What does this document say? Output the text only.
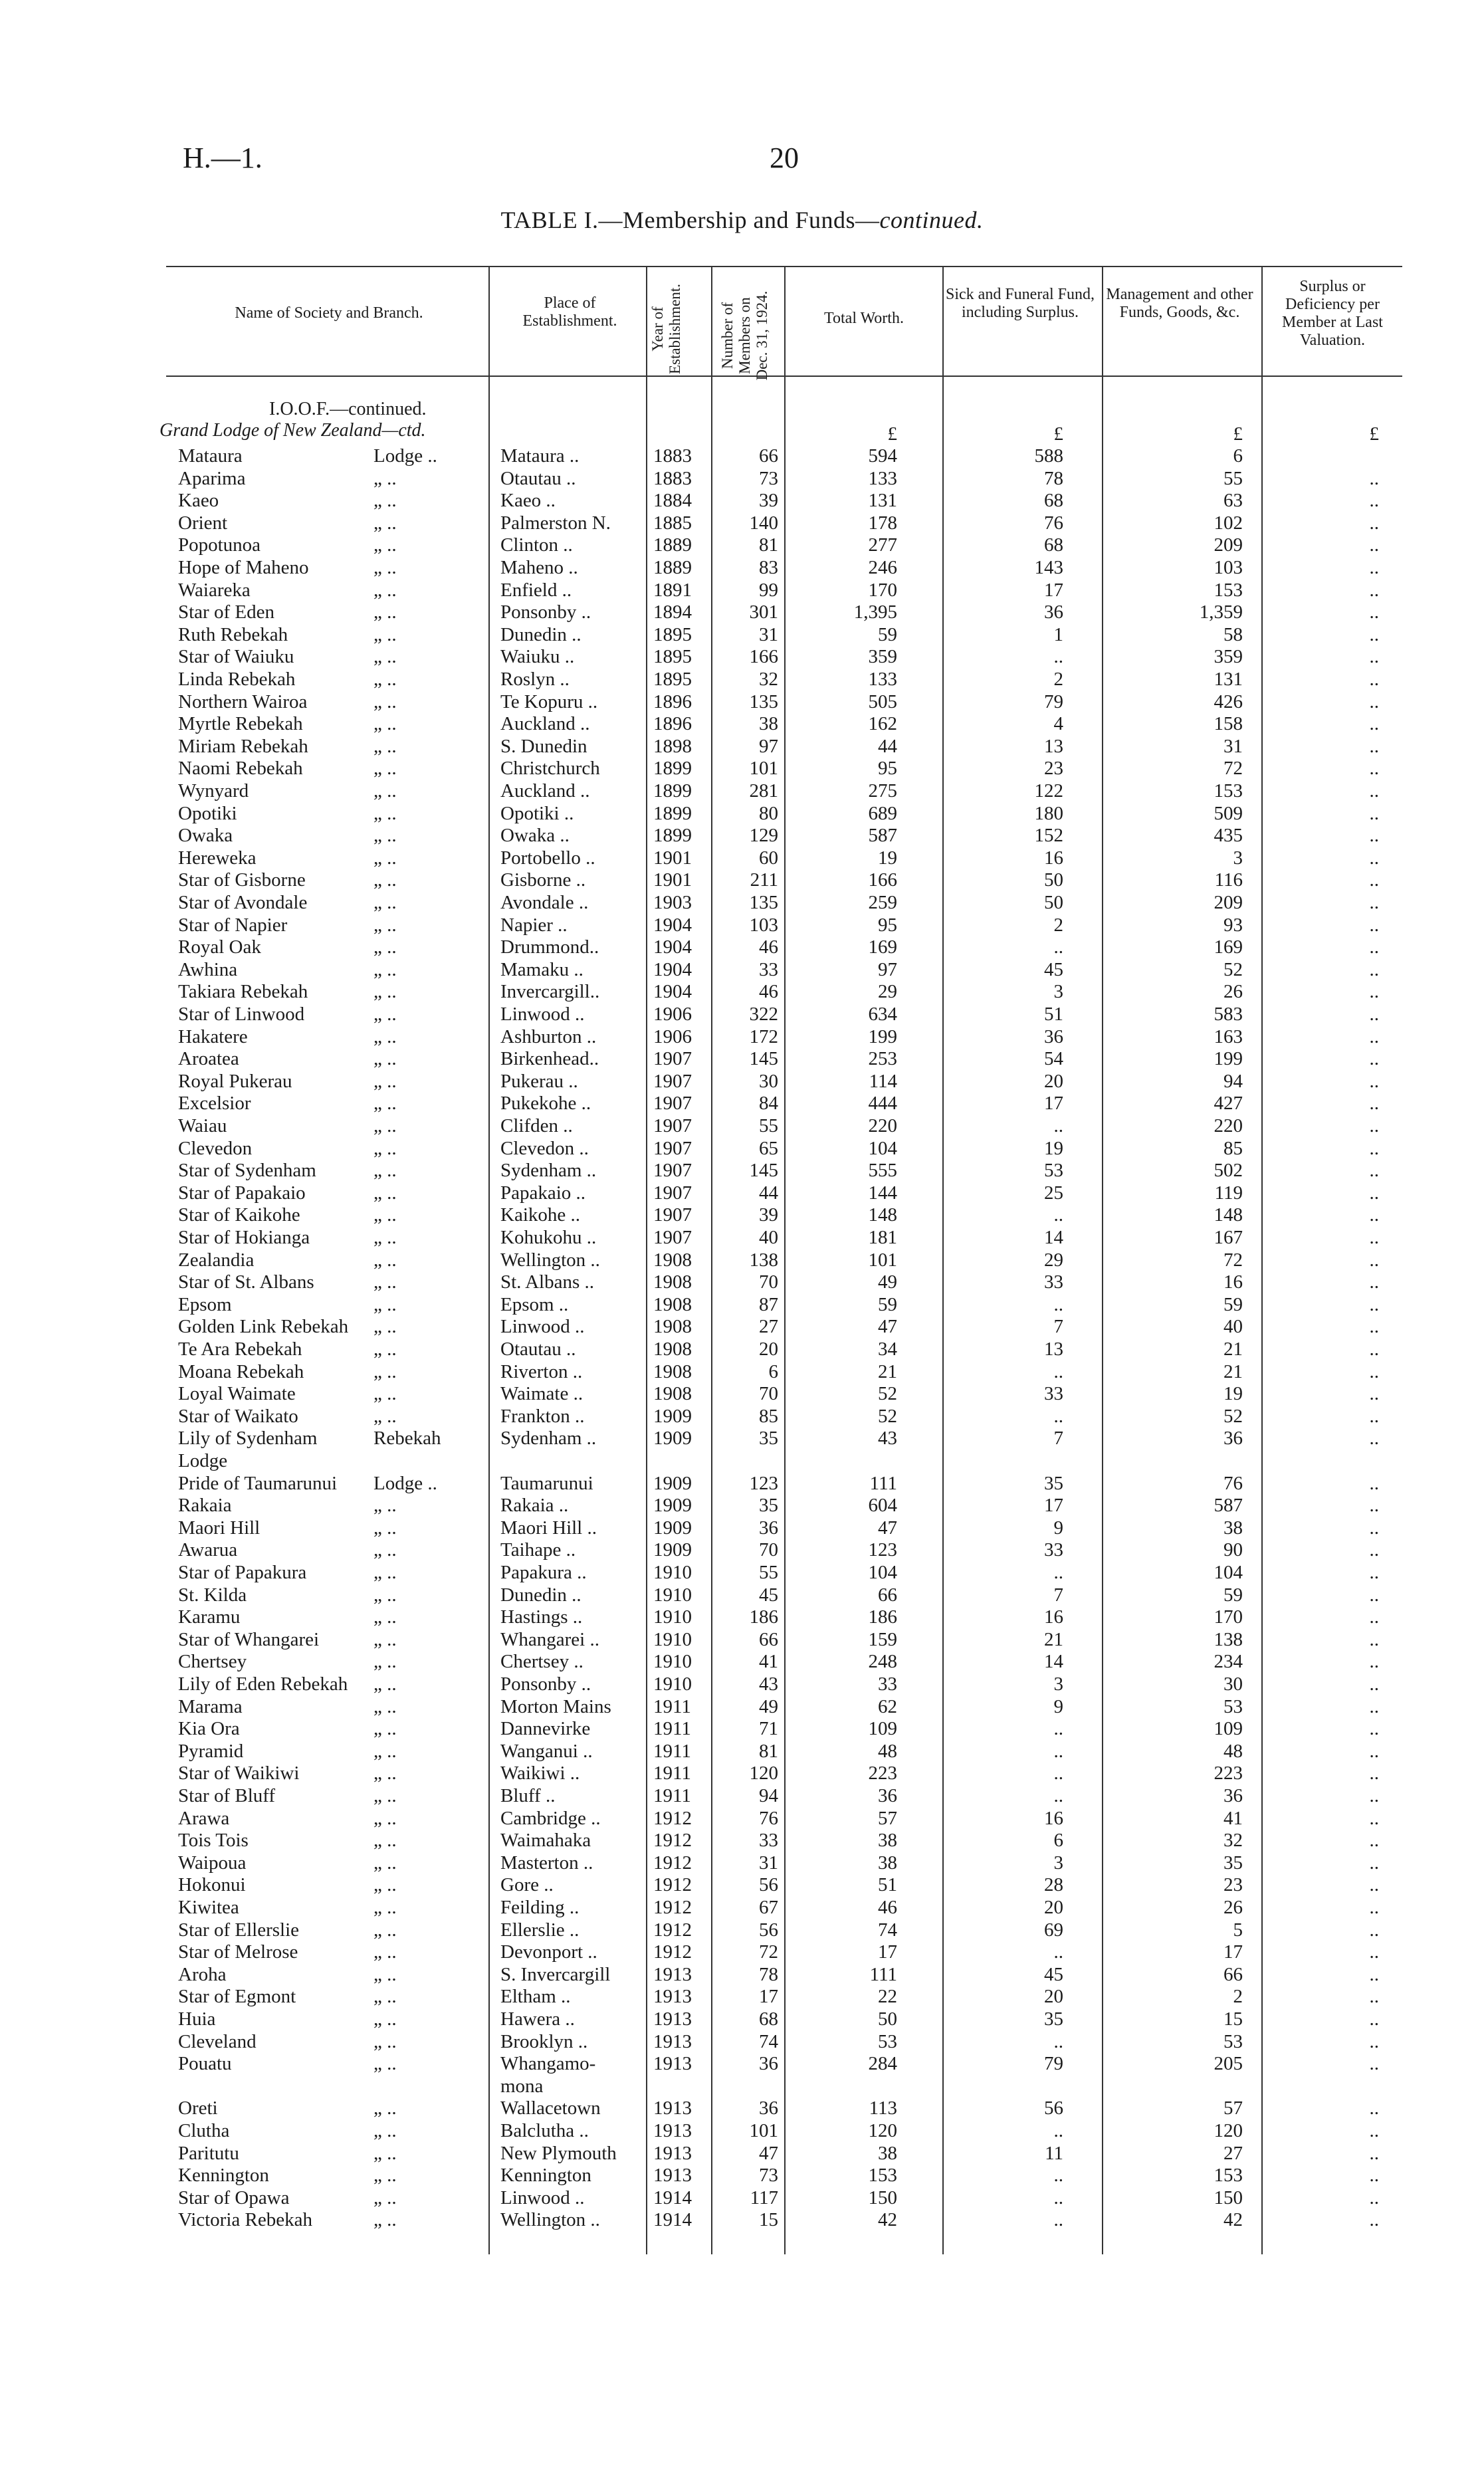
H.—1.	20
TABLE I.—Membership and Funds—continued.
Name of Society and Branch.
Place of Establishment.	Year of Establishment.	Number of Members on Dec. 31, 1924.	Total Worth.
Sick and Funeral Fund, including Surplus.
Management and other Funds, Goods, &c.
Surplus or Deficiency per Member at Last Valuation.
I.O.O.F.—continued.
Grand Lodge of New Zealand—ctd.	£	£	£	£
Mataura	Lodge ..	Mataura ..	1883	66	594	588	6
Aparima	„ ..	Otautau ..	1883	73	133	78	55	..
Kaeo	„ ..	Kaeo ..	1884	39	131	68	63	..
Orient	„ ..	Palmerston N. 1885	140	178	76	102	..
Popotunoa	„ ..	Clinton ..	1889	81	277	68	209	..
Hope of Maheno	„ ..	Maheno ..	1889	83	246	143	103	..
Waiareka	„ ..	Enfield ..	1891	99	170	17	153	..
Star of Eden	„ ..	Ponsonby ..	1894	301	1,395	36	1,359	..
Ruth Rebekah	„ ..	Dunedin ..	1895	31	59	1	58	..
Star of Waiuku	„ ..	Waiuku ..	1895	166	359	..	359	..
Linda Rebekah	„ ..	Roslyn ..	1895	32	133	2	131	..
Northern Wairoa	„ ..	Te Kopuru ..	1896	135	505	79	426	..
Myrtle Rebekah	„ ..	Auckland ..	1896	38	162	4	158	..
Miriam Rebekah	„ ..	S. Dunedin	1898	97	44	13	31	..
Naomi Rebekah	„ ..	Christchurch	1899	101	95	23	72	..
Wynyard	„ ..	Auckland ..	1899	281	275	122	153	..
Opotiki	„ ..	Opotiki ..	1899	80	689	180	509	..
Owaka	„ ..	Owaka ..	1899	129	587	152	435	..
Hereweka	„ ..	Portobello ..	1901	60	19	16	3	..
Star of Gisborne	„ ..	Gisborne ..	1901	211	166	50	116	..
Star of Avondale	„ ..	Avondale ..	1903	135	259	50	209	..
Star of Napier	„ ..	Napier ..	1904	103	95	2	93	..
Royal Oak	„ ..	Drummond..	1904	46	169	..	169	..
Awhina	„ ..	Mamaku ..	1904	33	97	45	52	..
Takiara Rebekah	„ ..	Invercargill..	1904	46	29	3	26	..
Star of Linwood	„ ..	Linwood ..	1906	322	634	51	583	..
Hakatere	„ ..	Ashburton ..	1906	172	199	36	163	..
Aroatea	„ ..	Birkenhead..	1907	145	253	54	199	..
Royal Pukerau	„ ..	Pukerau ..	1907	30	114	20	94	..
Excelsior	„ ..	Pukekohe ..	1907	84	444	17	427	..
Waiau	„ ..	Clifden ..	1907	55	220	..	220	..
Clevedon	„ ..	Clevedon ..	1907	65	104	19	85	..
Star of Sydenham	„ ..	Sydenham ..	1907	145	555	53	502	..
Star of Papakaio	„ ..	Papakaio ..	1907	44	144	25	119	..
Star of Kaikohe	„ ..	Kaikohe ..	1907	39	148	..	148	..
Star of Hokianga	„ ..	Kohukohu ..	1907	40	181	14	167	..
Zealandia	„ ..	Wellington ..	1908	138	101	29	72	..
Star of St. Albans	„ ..	St. Albans ..	1908	70	49	33	16	..
Epsom	„ ..	Epsom ..	1908	87	59	..	59	..
Golden Link Rebekah „ ..	Linwood ..	1908	27	47	7	40	..
Te Ara Rebekah	„ ..	Otautau ..	1908	20	34	13	21	..
Moana Rebekah	„ ..	Riverton ..	1908	6	21	..	21	..
Loyal Waimate	„ ..	Waimate ..	1908	70	52	33	19	..
Star of Waikato	„ ..	Frankton ..	1909	85	52	..	52	..
Lily of Sydenham	Rebekah	Sydenham ..	1909	35	43	7	36	..
Lodge
Pride of Taumarunui Lodge ..	Taumarunui	1909	123	111	35	76	..
Rakaia	„ ..	Rakaia ..	1909	35	604	17	587	..
Maori Hill	„ ..	Maori Hill ..	1909	36	47	9	38	..
Awarua	„ ..	Taihape ..	1909	70	123	33	90	..
Star of Papakura	„ ..	Papakura ..	1910	55	104	..	104	..
St. Kilda	„ ..	Dunedin ..	1910	45	66	7	59	..
Karamu	„ ..	Hastings ..	1910	186	186	16	170	..
Star of Whangarei	„ ..	Whangarei ..	1910	66	159	21	138	..
Chertsey	„ ..	Chertsey ..	1910	41	248	14	234	..
Lily of Eden Rebekah „ ..	Ponsonby ..	1910	43	33	3	30	..
Marama	„ ..	Morton Mains 1911	49	62	9	53	..
Kia Ora	„ ..	Dannevirke	1911	71	109	..	109	..
Pyramid	„ ..	Wanganui ..	1911	81	48	..	48	..
Star of Waikiwi	„ ..	Waikiwi ..	1911	120	223	..	223	..
Star of Bluff	„ ..	Bluff ..	1911	94	36	..	36	..
Arawa	„ ..	Cambridge ..	1912	76	57	16	41	..
Tois Tois	„ ..	Waimahaka	1912	33	38	6	32	..
Waipoua	„ ..	Masterton ..	1912	31	38	3	35	..
Hokonui	„ ..	Gore ..	1912	56	51	28	23	..
Kiwitea	„ ..	Feilding ..	1912	67	46	20	26	..
Star of Ellerslie	„ ..	Ellerslie ..	1912	56	74	69	5	..
Star of Melrose	„ ..	Devonport ..	1912	72	17	..	17	..
Aroha	„ ..	S. Invercargill 1913	78	111	45	66	..
Star of Egmont	„ ..	Eltham ..	1913	17	22	20	2	..
Huia	„ ..	Hawera ..	1913	68	50	35	15	..
Cleveland	„ ..	Brooklyn ..	1913	74	53	..	53	..
Pouatu	„ ..	Whangamo-	1913	36	284	79	205	..
mona
Oreti	„ ..	Wallacetown	1913	36	113	56	57	..
Clutha	„ ..	Balclutha ..	1913	101	120	..	120	..
Paritutu	„ ..	New Plymouth 1913	47	38	11	27	..
Kennington	„ ..	Kennington	1913	73	153	..	153	..
Star of Opawa	„ ..	Linwood ..	1914	117	150	..	150	..
Victoria Rebekah	„ ..	Wellington ..	1914	15	42	..	42	..
